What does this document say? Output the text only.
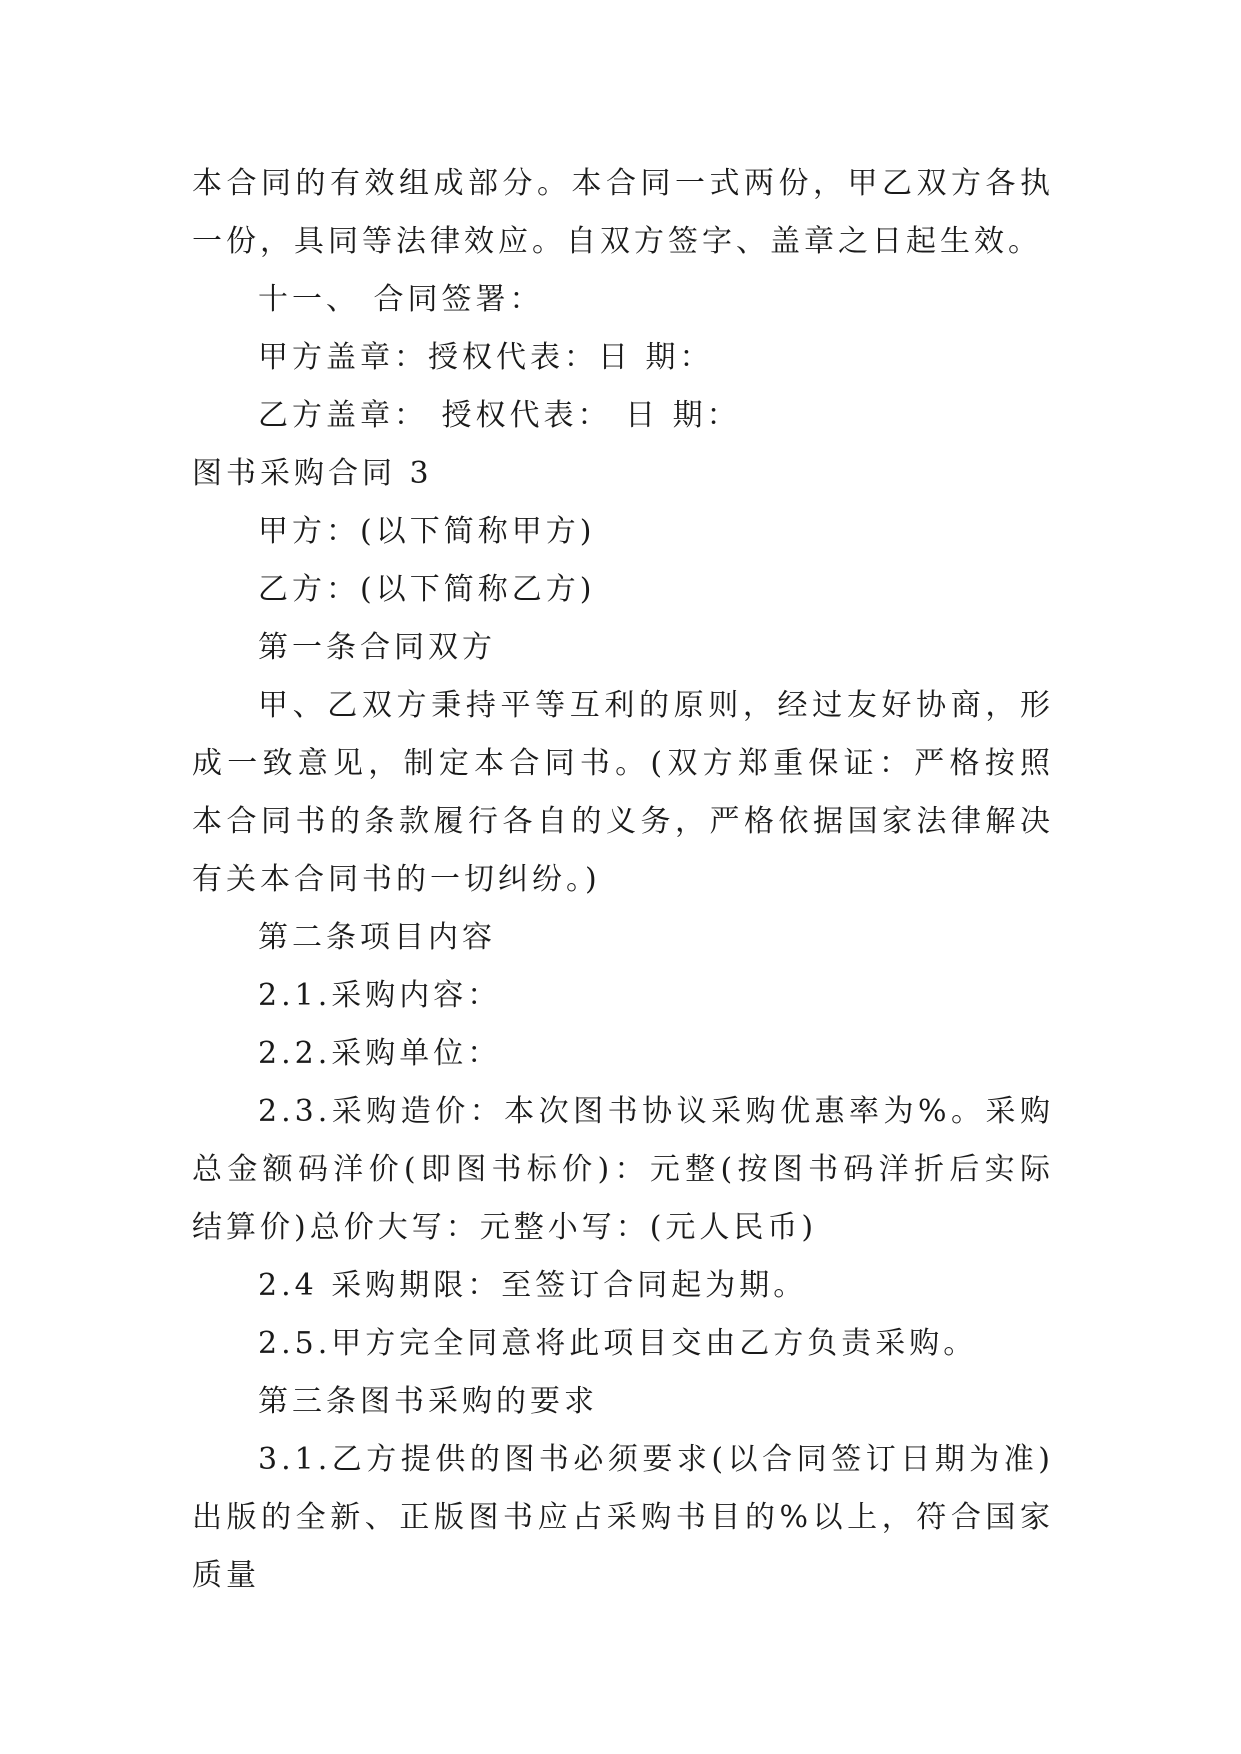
本合同的有效组成部分。本合同一式两份，甲乙双方各执一份，具同等法律效应。自双方签字、盖章之日起生效。

十一、 合同签署：

甲方盖章：授权代表：日 期：

乙方盖章： 授权代表： 日 期：

图书采购合同 3

甲方：(以下简称甲方)

乙方：(以下简称乙方)

第一条合同双方

甲、乙双方秉持平等互利的原则，经过友好协商，形成一致意见，制定本合同书。(双方郑重保证：严格按照本合同书的条款履行各自的义务，严格依据国家法律解决有关本合同书的一切纠纷。)

第二条项目内容

2.1.采购内容：

2.2.采购单位：

2.3.采购造价：本次图书协议采购优惠率为%。采购总金额码洋价(即图书标价)：元整(按图书码洋折后实际结算价)总价大写：元整小写：(元人民币)

2.4 采购期限：至签订合同起为期。

2.5.甲方完全同意将此项目交由乙方负责采购。

第三条图书采购的要求

3.1.乙方提供的图书必须要求(以合同签订日期为准)出版的全新、正版图书应占采购书目的%以上，符合国家质量
